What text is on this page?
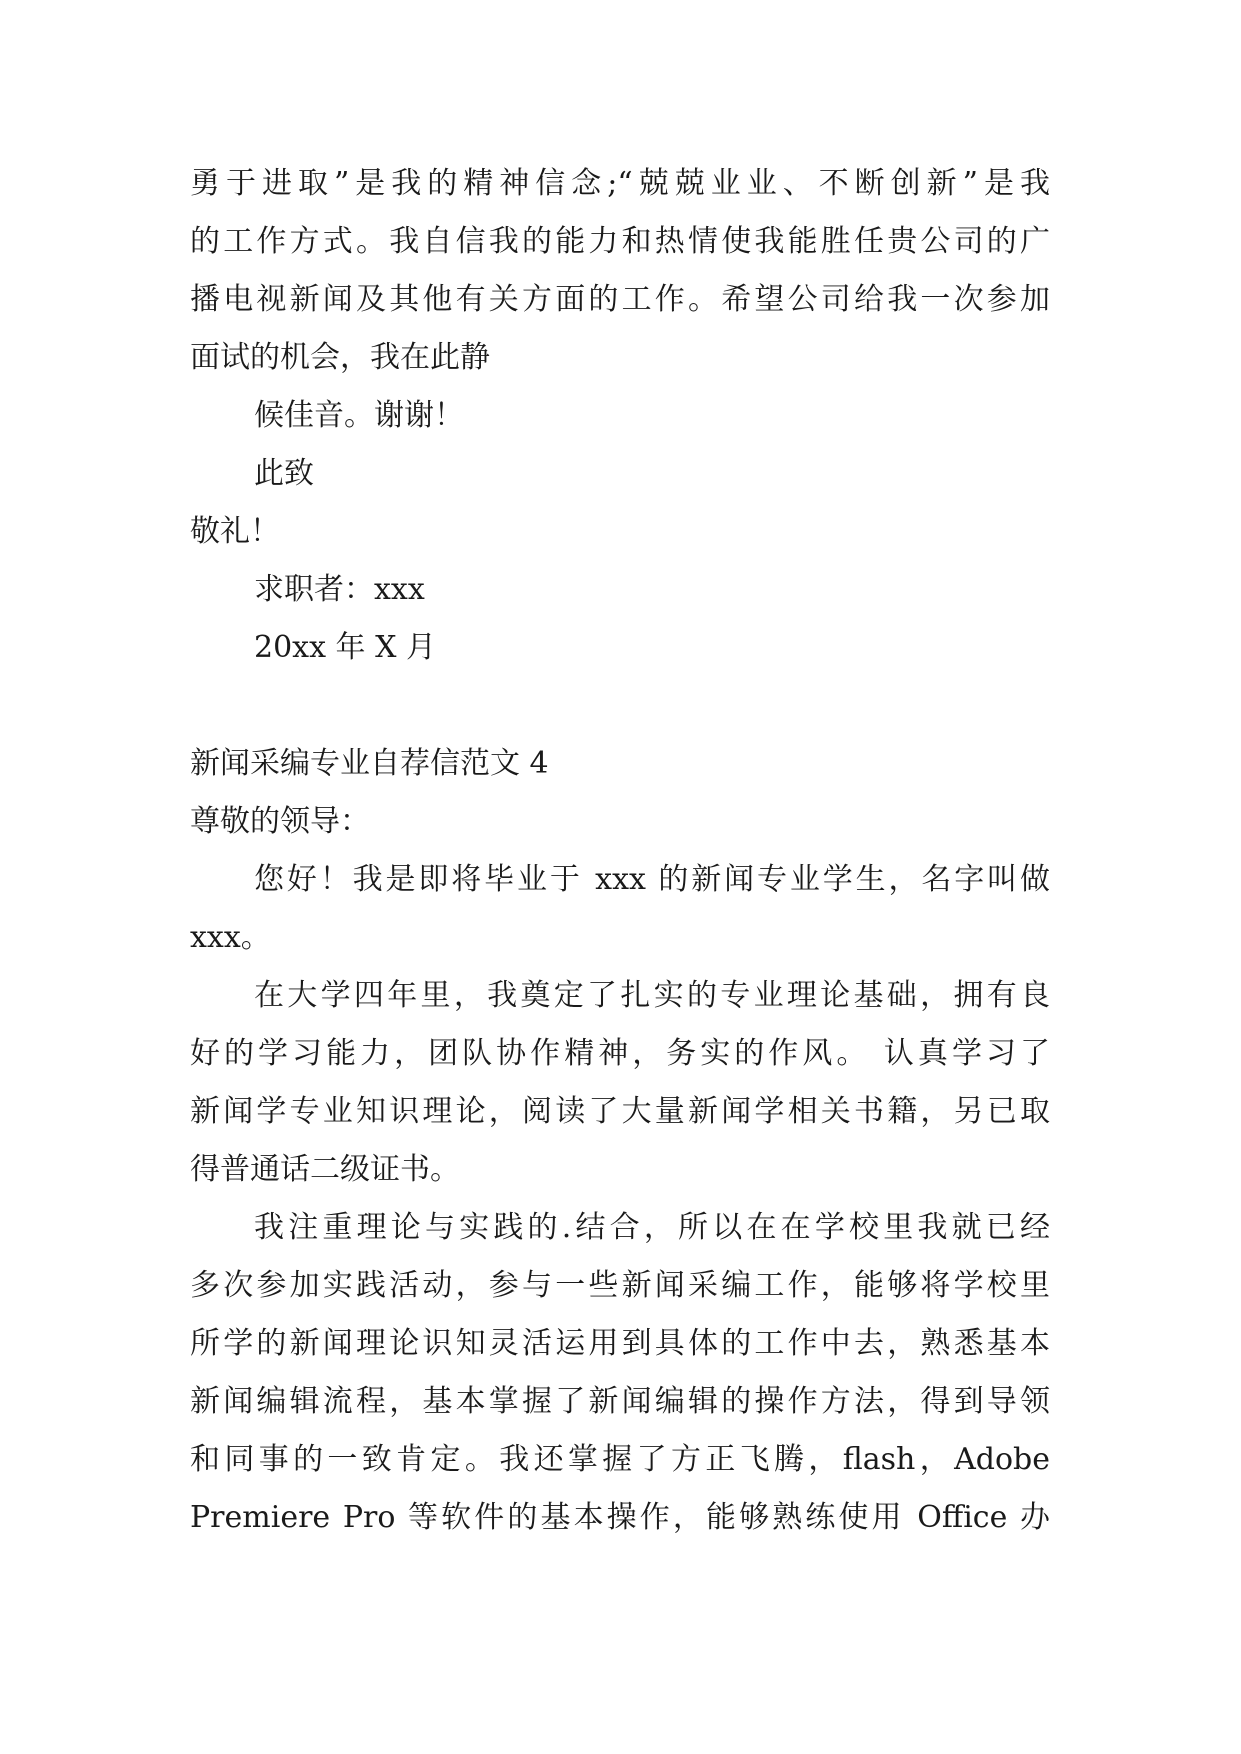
勇于进取”是我的精神信念;“兢兢业业、不断创新”是我
的工作方式。我自信我的能力和热情使我能胜任贵公司的广
播电视新闻及其他有关方面的工作。希望公司给我一次参加
面试的机会，我在此静
候佳音。谢谢！
此致
敬礼！
求职者：xxx
20xx 年 X 月
新闻采编专业自荐信范文 4
尊敬的领导：
您好！我是即将毕业于 xxx 的新闻专业学生，名字叫做
xxx。
在大学四年里，我奠定了扎实的专业理论基础，拥有良
好的学习能力，团队协作精神，务实的作风。 认真学习了
新闻学专业知识理论，阅读了大量新闻学相关书籍，另已取
得普通话二级证书。
我注重理论与实践的.结合，所以在在学校里我就已经
多次参加实践活动，参与一些新闻采编工作，能够将学校里
所学的新闻理论识知灵活运用到具体的工作中去，熟悉基本
新闻编辑流程，基本掌握了新闻编辑的操作方法，得到导领
和同事的一致肯定。我还掌握了方正飞腾，flash，Adobe
Premiere Pro 等软件的基本操作，能够熟练使用 Office 办
